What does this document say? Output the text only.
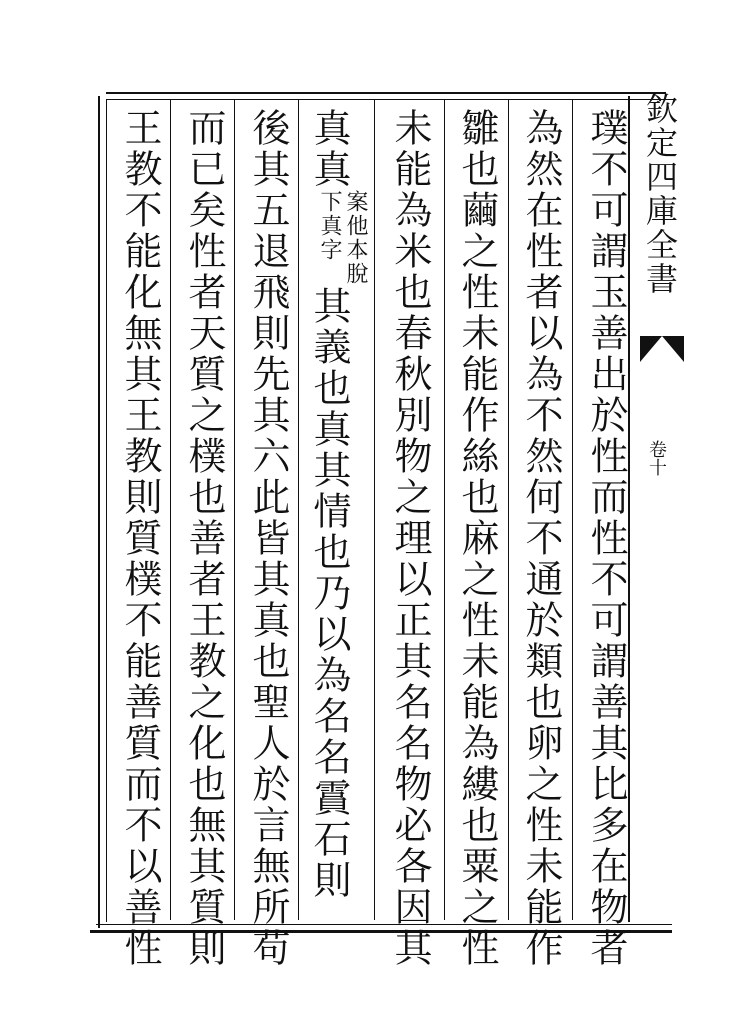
欽定四庫全書
卷十
璞不可謂玉善出於性而性不可謂善其比多在物者
為然在性者以為不然何不通於類也卵之性未能作
雛也繭之性未能作絲也麻之性未能為縷也粟之性
未能為米也春秋別物之理以正其名名物必各因其
真真
案他本脫
下真字
其義也真其情也乃以為名名霣石則
後其五退飛則先其六此皆其真也聖人於言無所苟
而已矣性者天質之樸也善者王教之化也無其質則
王教不能化無其王教則質樸不能善質而不以善性
